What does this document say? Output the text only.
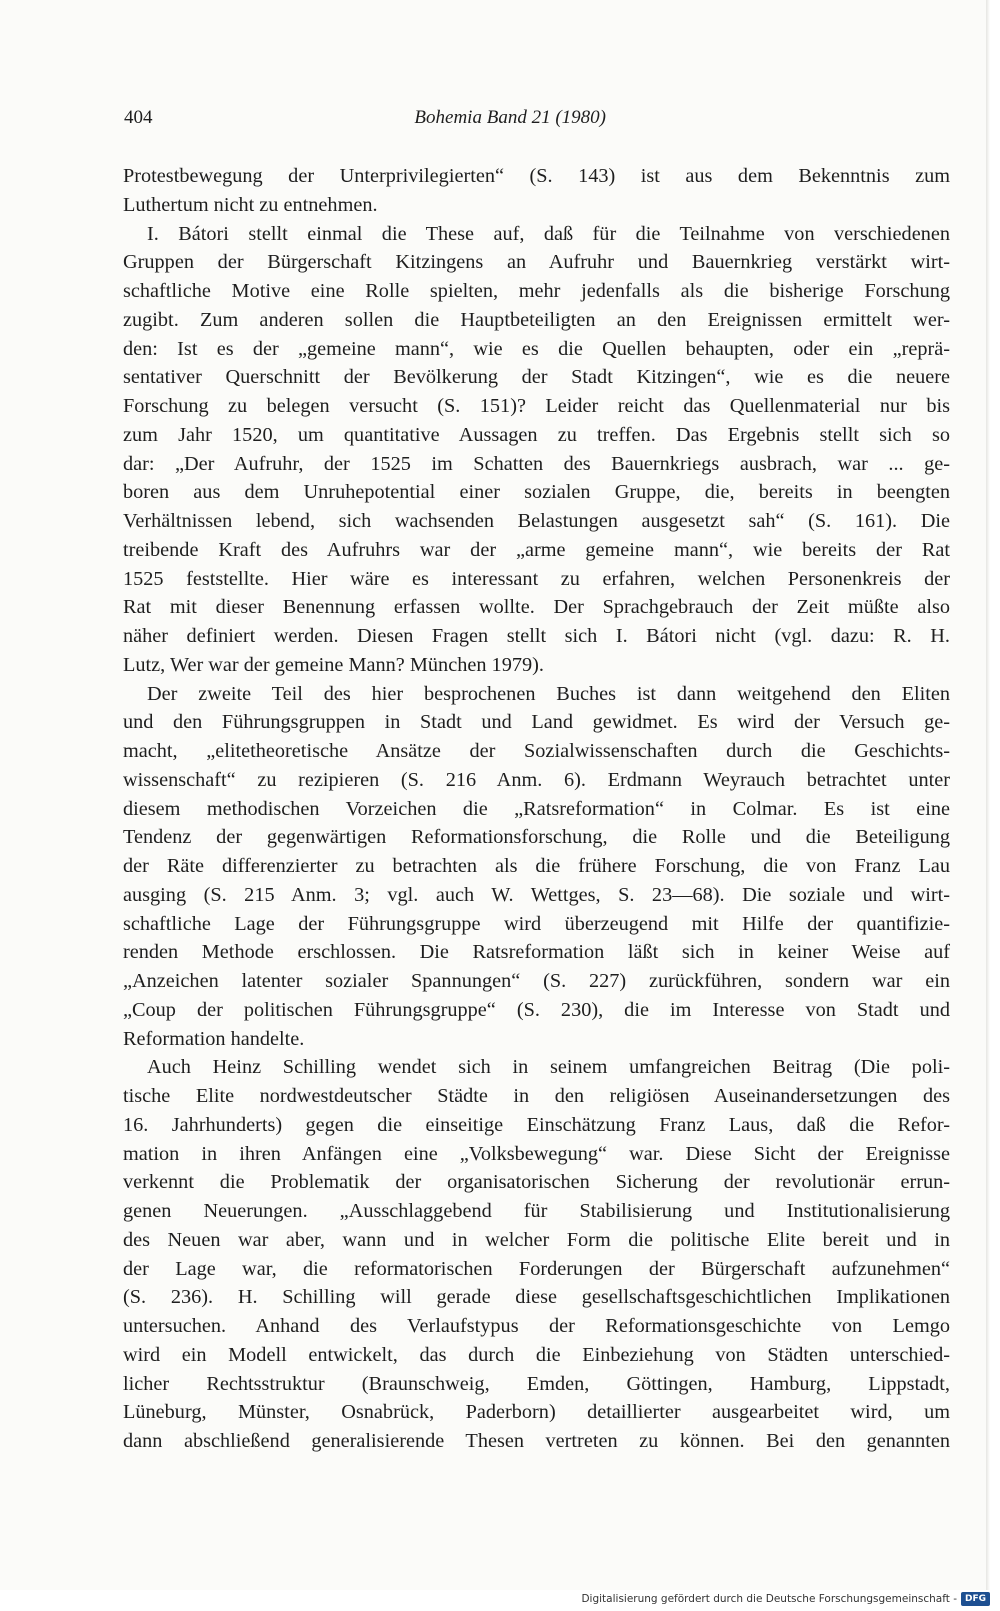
404	Bohemia Band 21 (1980)
Protestbewegung der Unterprivilegierten“ (S. 143) ist aus dem Bekenntnis zum
Luthertum nicht zu entnehmen.
I. Bátori stellt einmal die These auf, daß für die Teilnahme von verschiedenen
Gruppen der Bürgerschaft Kitzingens an Aufruhr und Bauernkrieg verstärkt wirt-
schaftliche Motive eine Rolle spielten, mehr jedenfalls als die bisherige Forschung
zugibt. Zum anderen sollen die Hauptbeteiligten an den Ereignissen ermittelt wer-
den: Ist es der „gemeine mann“, wie es die Quellen behaupten, oder ein „reprä-
sentativer Querschnitt der Bevölkerung der Stadt Kitzingen“, wie es die neuere
Forschung zu belegen versucht (S. 151)? Leider reicht das Quellenmaterial nur bis
zum Jahr 1520, um quantitative Aussagen zu treffen. Das Ergebnis stellt sich so
dar: „Der Aufruhr, der 1525 im Schatten des Bauernkriegs ausbrach, war ... ge-
boren aus dem Unruhepotential einer sozialen Gruppe, die, bereits in beengten
Verhältnissen lebend, sich wachsenden Belastungen ausgesetzt sah“ (S. 161). Die
treibende Kraft des Aufruhrs war der „arme gemeine mann“, wie bereits der Rat
1525 feststellte. Hier wäre es interessant zu erfahren, welchen Personenkreis der
Rat mit dieser Benennung erfassen wollte. Der Sprachgebrauch der Zeit müßte also
näher definiert werden. Diesen Fragen stellt sich I. Bátori nicht (vgl. dazu: R. H.
Lutz, Wer war der gemeine Mann? München 1979).
Der zweite Teil des hier besprochenen Buches ist dann weitgehend den Eliten
und den Führungsgruppen in Stadt und Land gewidmet. Es wird der Versuch ge-
macht, „elitetheoretische Ansätze der Sozialwissenschaften durch die Geschichts-
wissenschaft“ zu rezipieren (S. 216 Anm. 6). Erdmann Weyrauch betrachtet unter
diesem methodischen Vorzeichen die „Ratsreformation“ in Colmar. Es ist eine
Tendenz der gegenwärtigen Reformationsforschung, die Rolle und die Beteiligung
der Räte differenzierter zu betrachten als die frühere Forschung, die von Franz Lau
ausging (S. 215 Anm. 3; vgl. auch W. Wettges, S. 23—68). Die soziale und wirt-
schaftliche Lage der Führungsgruppe wird überzeugend mit Hilfe der quantifizie-
renden Methode erschlossen. Die Ratsreformation läßt sich in keiner Weise auf
„Anzeichen latenter sozialer Spannungen“ (S. 227) zurückführen, sondern war ein
„Coup der politischen Führungsgruppe“ (S. 230), die im Interesse von Stadt und
Reformation handelte.
Auch Heinz Schilling wendet sich in seinem umfangreichen Beitrag (Die poli-
tische Elite nordwestdeutscher Städte in den religiösen Auseinandersetzungen des
16. Jahrhunderts) gegen die einseitige Einschätzung Franz Laus, daß die Refor-
mation in ihren Anfängen eine „Volksbewegung“ war. Diese Sicht der Ereignisse
verkennt die Problematik der organisatorischen Sicherung der revolutionär errun-
genen Neuerungen. „Ausschlaggebend für Stabilisierung und Institutionalisierung
des Neuen war aber, wann und in welcher Form die politische Elite bereit und in
der Lage war, die reformatorischen Forderungen der Bürgerschaft aufzunehmen“
(S. 236). H. Schilling will gerade diese gesellschaftsgeschichtlichen Implikationen
untersuchen. Anhand des Verlaufstypus der Reformationsgeschichte von Lemgo
wird ein Modell entwickelt, das durch die Einbeziehung von Städten unterschied-
licher Rechtsstruktur (Braunschweig, Emden, Göttingen, Hamburg, Lippstadt,
Lüneburg, Münster, Osnabrück, Paderborn) detaillierter ausgearbeitet wird, um
dann abschließend generalisierende Thesen vertreten zu können. Bei den genannten
Digitalisierung gefördert durch die Deutsche Forschungsgemeinschaft - DFG
